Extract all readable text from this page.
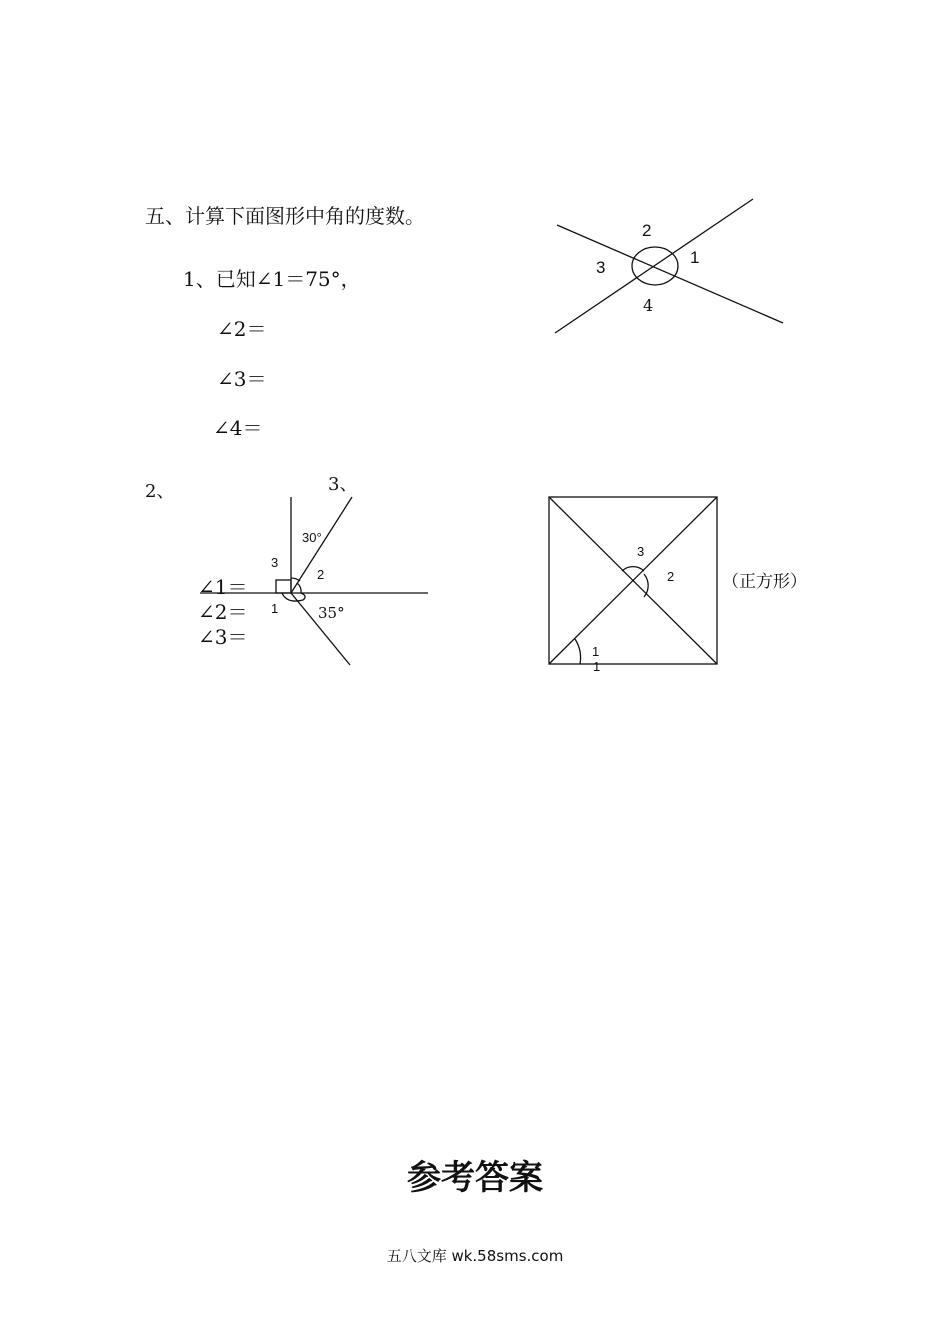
五、计算下面图形中角的度数。
1、已知∠1＝75°，
∠2＝
∠3＝
∠4＝
2、	3、
∠1＝
∠2＝
∠3＝
（正方形）
参考答案
五八文库 wk.58sms.com
2
1
3
4
30°
3
2
1	35°
3
2
1
1
